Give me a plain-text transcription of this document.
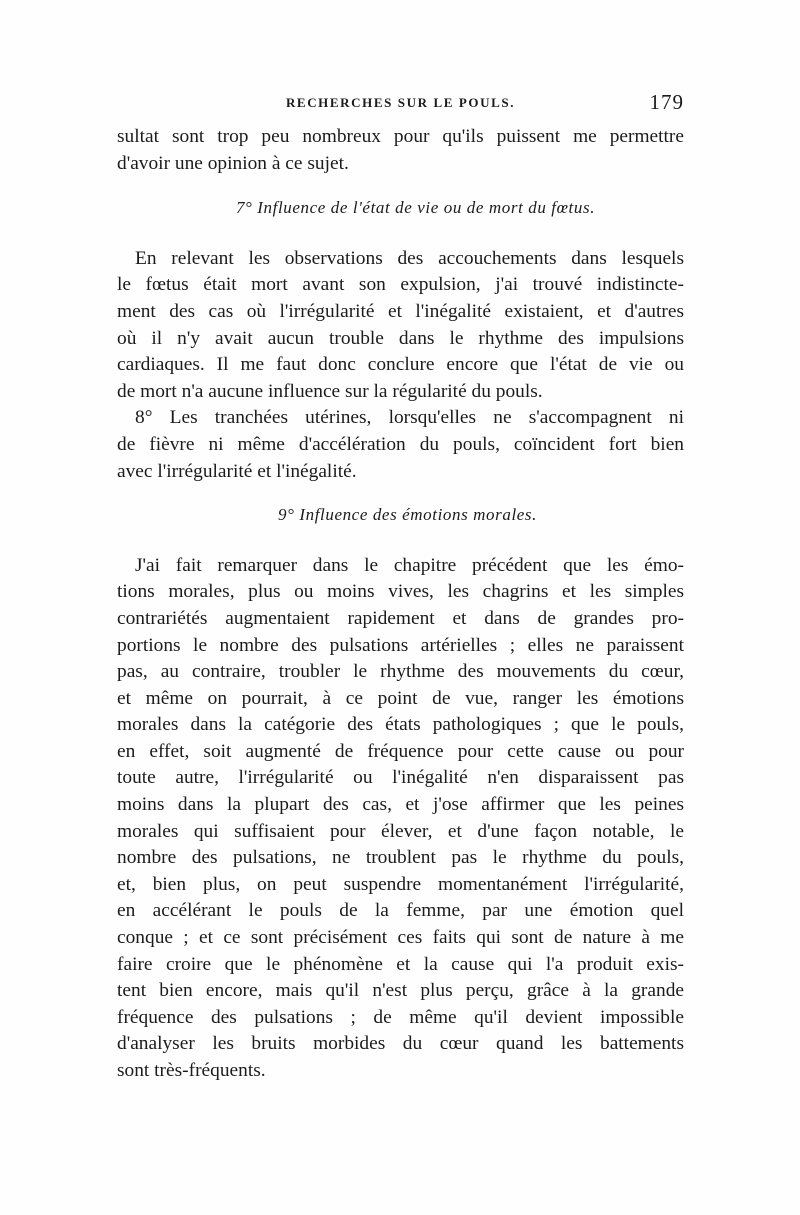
RECHERCHES SUR LE POULS.	179
sultat sont trop peu nombreux pour qu'ils puissent me permettre
d'avoir une opinion à ce sujet.
7° Influence de l'état de vie ou de mort du fœtus.
En relevant les observations des accouchements dans lesquels
le fœtus était mort avant son expulsion, j'ai trouvé indistincte-
ment des cas où l'irrégularité et l'inégalité existaient, et d'autres
où il n'y avait aucun trouble dans le rhythme des impulsions
cardiaques. Il me faut donc conclure encore que l'état de vie ou
de mort n'a aucune influence sur la régularité du pouls.
8° Les tranchées utérines, lorsqu'elles ne s'accompagnent ni
de fièvre ni même d'accélération du pouls, coïncident fort bien
avec l'irrégularité et l'inégalité.
9° Influence des émotions morales.
J'ai fait remarquer dans le chapitre précédent que les émo-
tions morales, plus ou moins vives, les chagrins et les simples
contrariétés augmentaient rapidement et dans de grandes pro-
portions le nombre des pulsations artérielles ; elles ne paraissent
pas, au contraire, troubler le rhythme des mouvements du cœur,
et même on pourrait, à ce point de vue, ranger les émotions
morales dans la catégorie des états pathologiques ; que le pouls,
en effet, soit augmenté de fréquence pour cette cause ou pour
toute autre, l'irrégularité ou l'inégalité n'en disparaissent pas
moins dans la plupart des cas, et j'ose affirmer que les peines
morales qui suffisaient pour élever, et d'une façon notable, le
nombre des pulsations, ne troublent pas le rhythme du pouls,
et, bien plus, on peut suspendre momentanément l'irrégularité,
en accélérant le pouls de la femme, par une émotion quel
conque ; et ce sont précisément ces faits qui sont de nature à me
faire croire que le phénomène et la cause qui l'a produit exis-
tent bien encore, mais qu'il n'est plus perçu, grâce à la grande
fréquence des pulsations ; de même qu'il devient impossible
d'analyser les bruits morbides du cœur quand les battements
sont très-fréquents.
